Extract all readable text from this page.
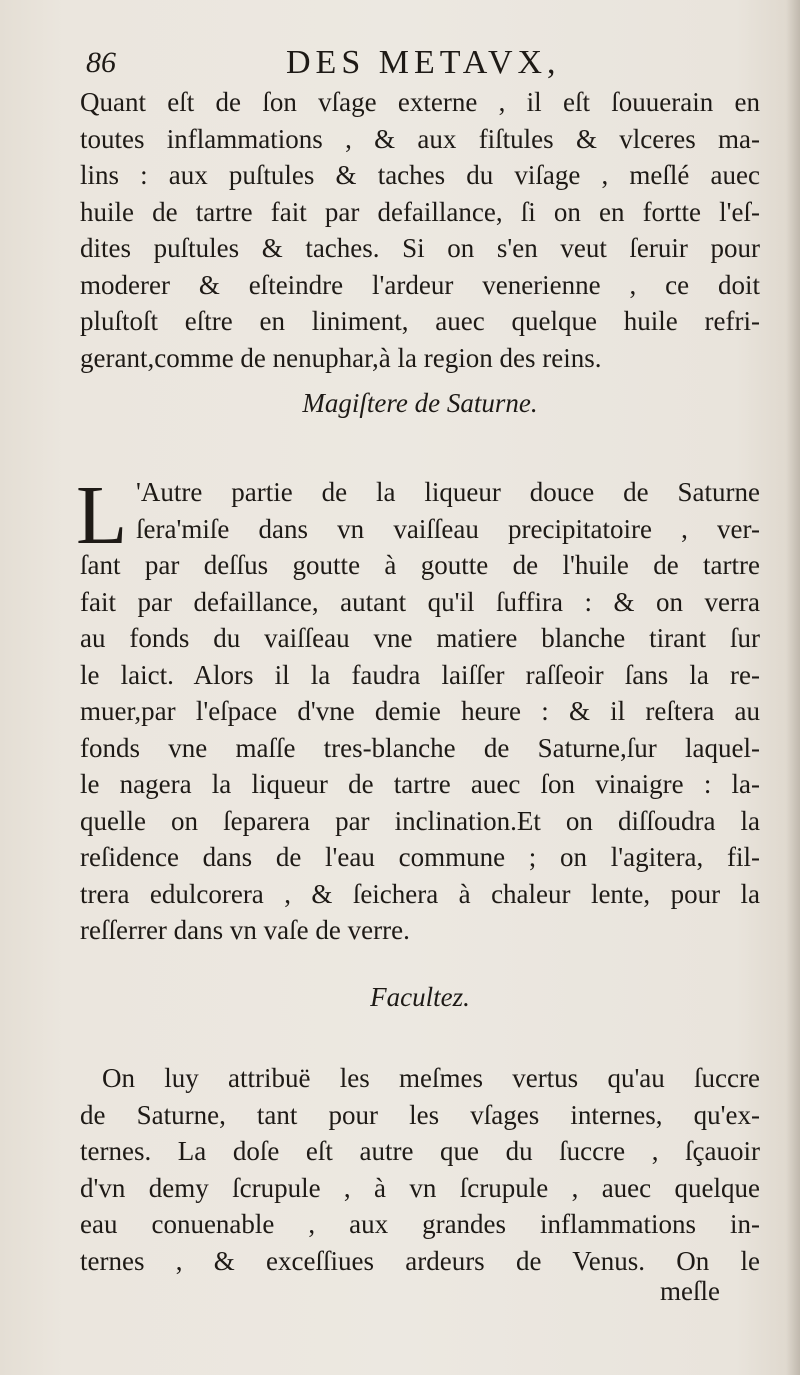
86	DES METAVX,
Quant eſt de ſon vſage externe , il eſt ſouuerain en
toutes inflammations , & aux fiſtules & vlceres ma-
lins : aux puſtules & taches du viſage , meſlé auec
huile de tartre fait par defaillance, ſi on en fortte l'eſ-
dites puſtules & taches. Si on s'en veut ſeruir pour
moderer & eſteindre l'ardeur venerienne , ce doit
pluſtoſt eſtre en liniment, auec quelque huile refri-
gerant,comme de nenuphar,à la region des reins.
Magiſtere de Saturne.
L 'Autre partie de la liqueur douce de Saturne
ſera'miſe dans vn vaiſſeau precipitatoire , ver-
ſant par deſſus goutte à goutte de l'huile de tartre
fait par defaillance, autant qu'il ſuffira : & on verra
au fonds du vaiſſeau vne matiere blanche tirant ſur
le laict. Alors il la faudra laiſſer raſſeoir ſans la re-
muer,par l'eſpace d'vne demie heure : & il reſtera au
fonds vne maſſe tres-blanche de Saturne,ſur laquel-
le nagera la liqueur de tartre auec ſon vinaigre : la-
quelle on ſeparera par inclination.Et on diſſoudra la
reſidence dans de l'eau commune ; on l'agitera, fil-
trera edulcorera , & ſeichera à chaleur lente, pour la
reſſerrer dans vn vaſe de verre.
Facultez.
On luy attribuë les meſmes vertus qu'au ſuccre
de Saturne, tant pour les vſages internes, qu'ex-
ternes. La doſe eſt autre que du ſuccre , ſçauoir
d'vn demy ſcrupule , à vn ſcrupule , auec quelque
eau conuenable , aux grandes inflammations in-
ternes , & exceſſiues ardeurs de Venus. On le
meſle
